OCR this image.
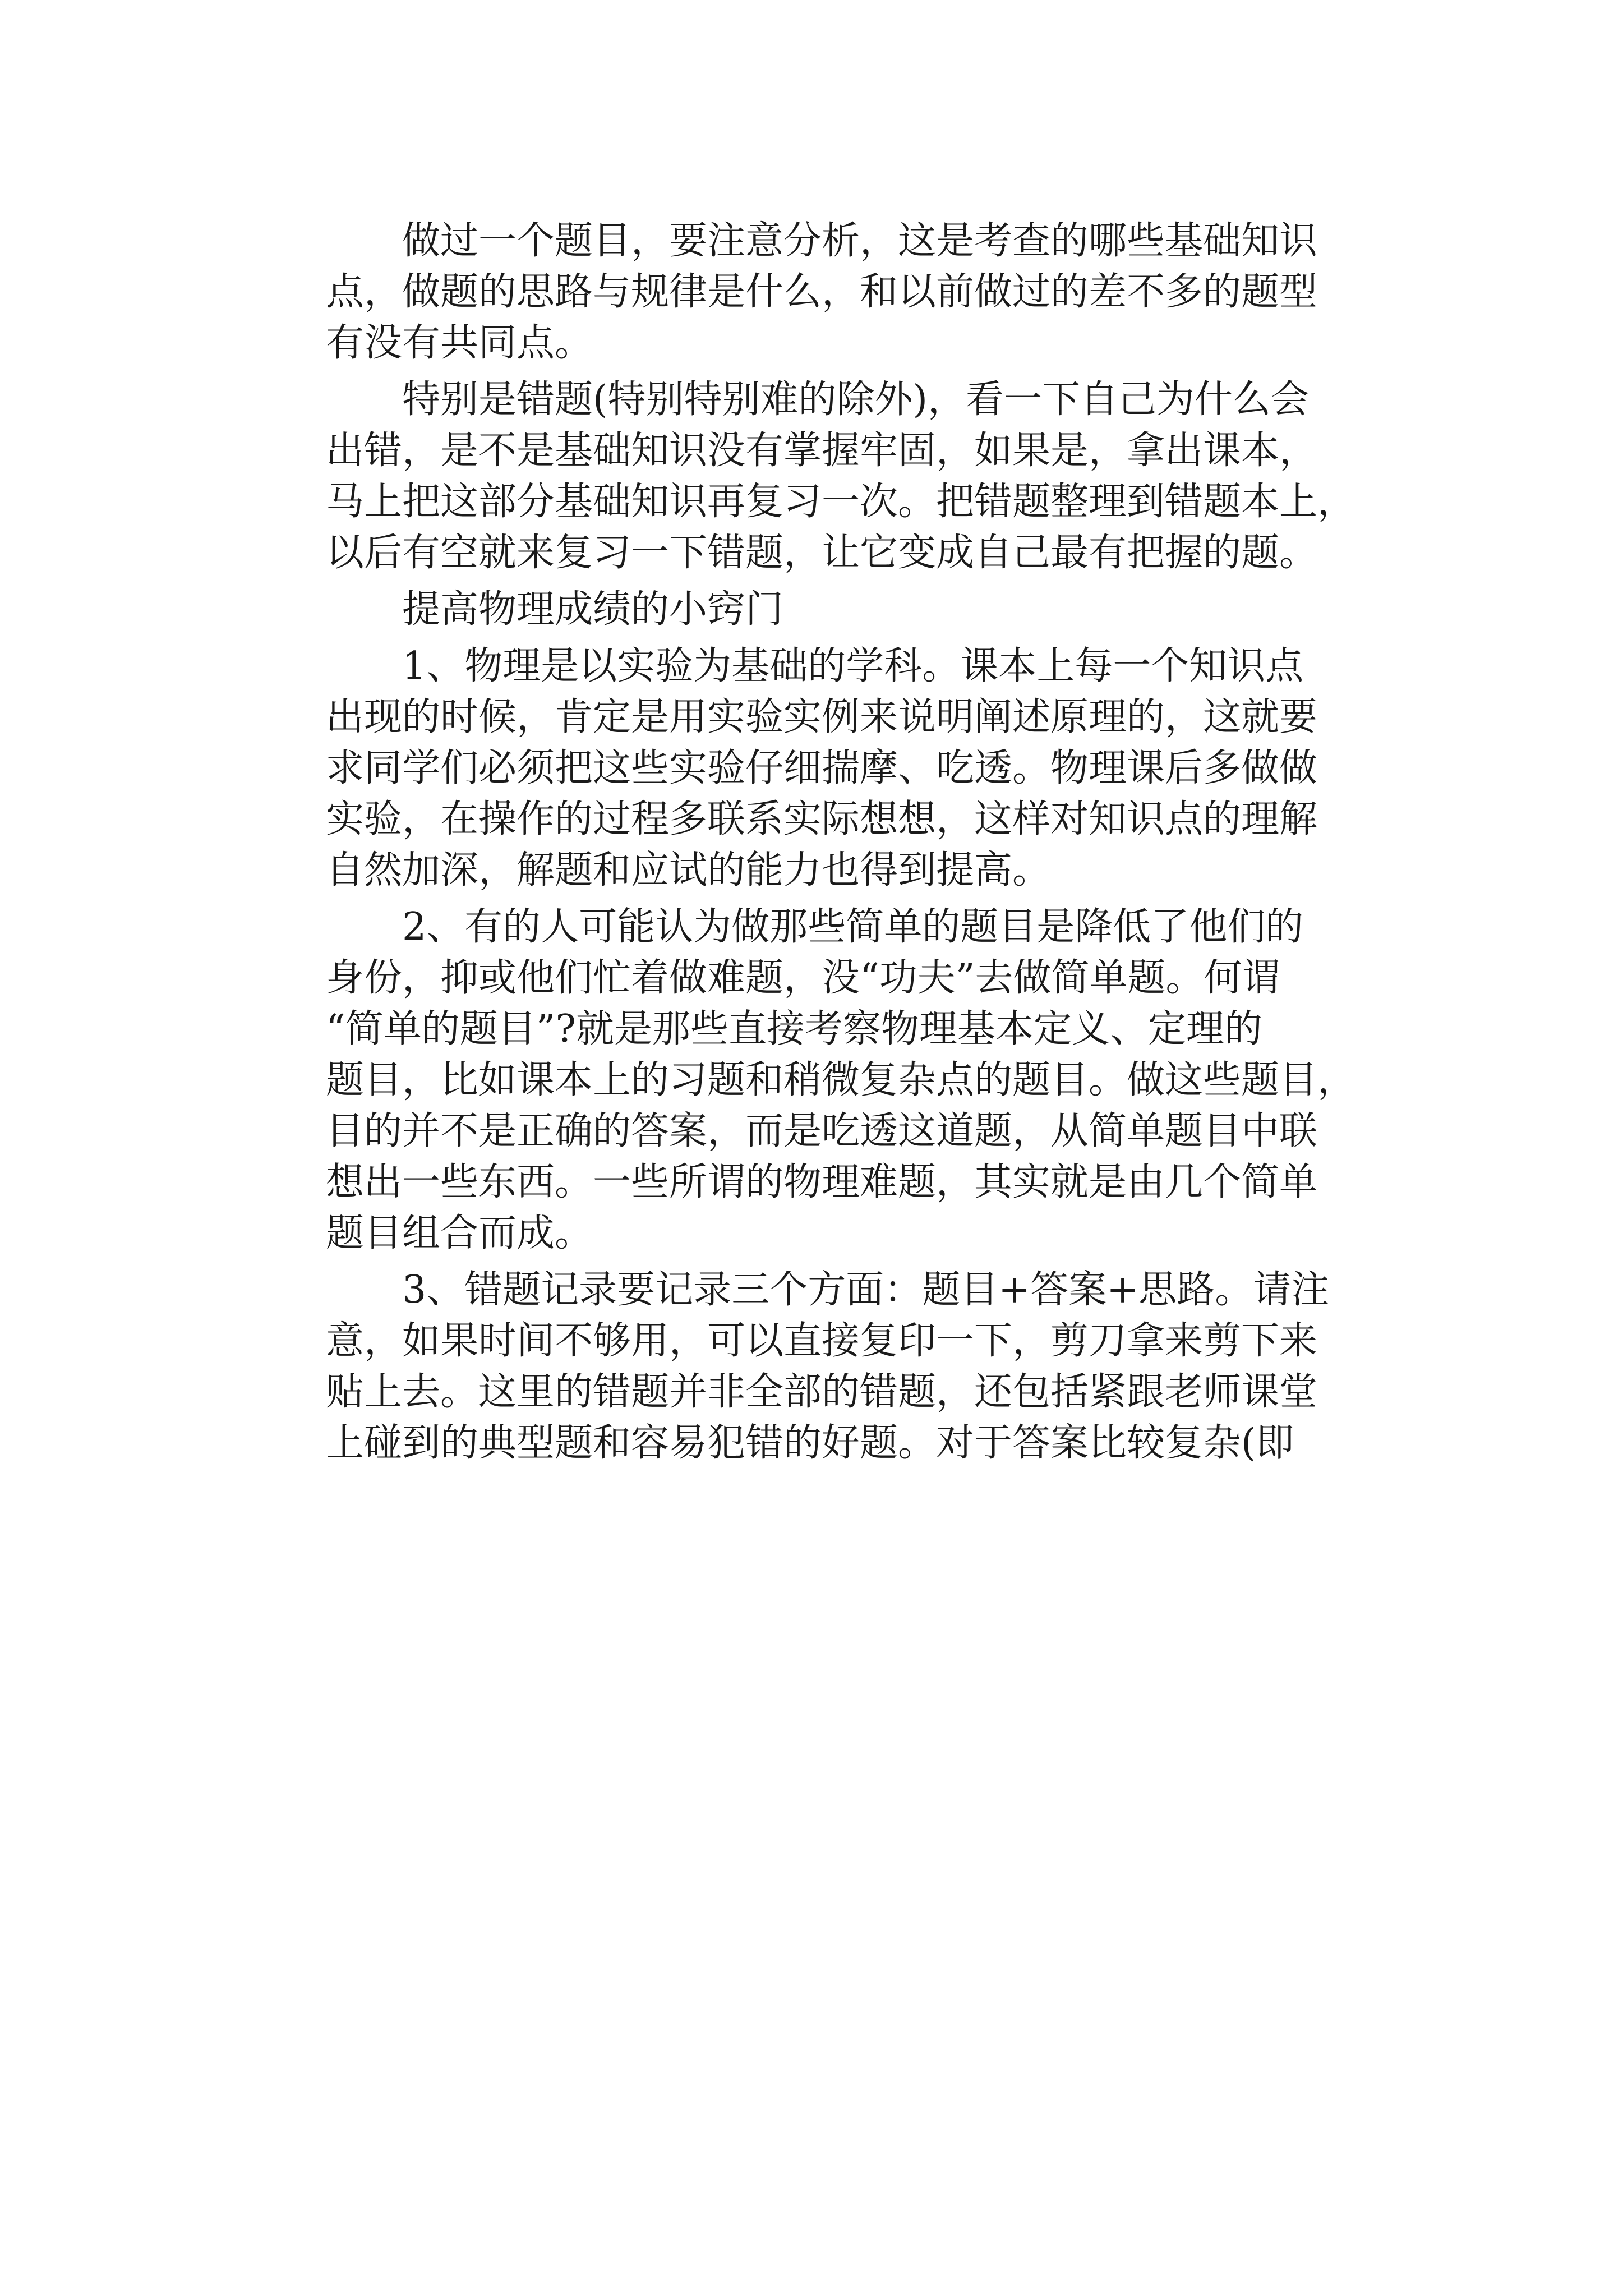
做过一个题目，要注意分析，这是考查的哪些基础知识
点，做题的思路与规律是什么，和以前做过的差不多的题型
有没有共同点。
特别是错题(特别特别难的除外)，看一下自己为什么会
出错，是不是基础知识没有掌握牢固，如果是，拿出课本，
马上把这部分基础知识再复习一次。把错题整理到错题本上，
以后有空就来复习一下错题，让它变成自己最有把握的题。
提高物理成绩的小窍门
1、物理是以实验为基础的学科。课本上每一个知识点
出现的时候，肯定是用实验实例来说明阐述原理的，这就要
求同学们必须把这些实验仔细揣摩、吃透。物理课后多做做
实验，在操作的过程多联系实际想想，这样对知识点的理解
自然加深，解题和应试的能力也得到提高。
2、有的人可能认为做那些简单的题目是降低了他们的
身份，抑或他们忙着做难题，没“功夫”去做简单题。何谓
“简单的题目”?就是那些直接考察物理基本定义、定理的
题目，比如课本上的习题和稍微复杂点的题目。做这些题目，
目的并不是正确的答案，而是吃透这道题，从简单题目中联
想出一些东西。一些所谓的物理难题，其实就是由几个简单
题目组合而成。
3、错题记录要记录三个方面：题目+答案+思路。请注
意，如果时间不够用，可以直接复印一下，剪刀拿来剪下来
贴上去。这里的错题并非全部的错题，还包括紧跟老师课堂
上碰到的典型题和容易犯错的好题。对于答案比较复杂(即
